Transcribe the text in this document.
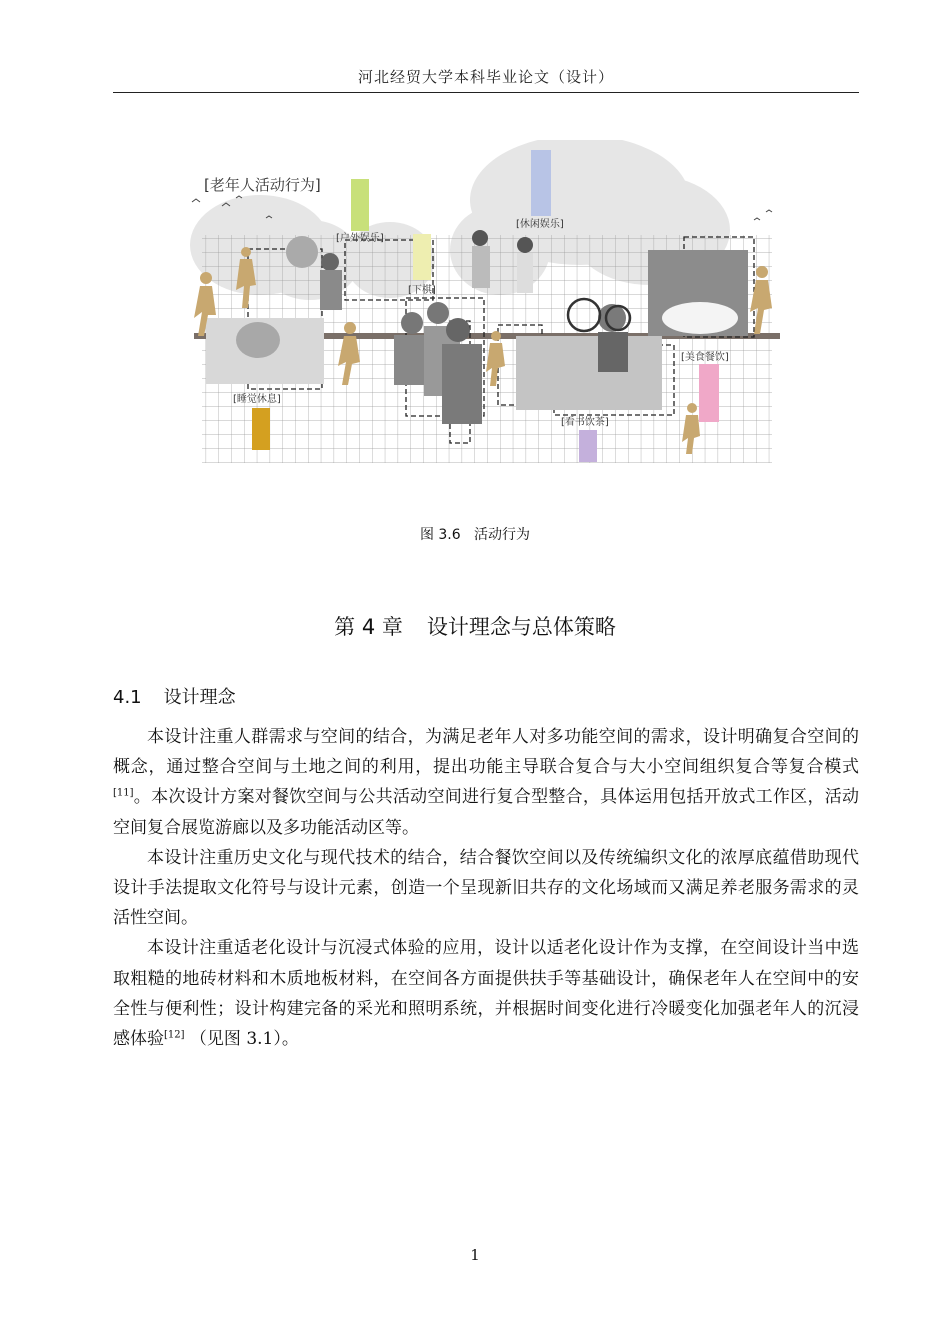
河北经贸大学本科毕业论文（设计）
[老年人活动行为]
[户外娱乐]
[下棋]
[休闲娱乐]
[美食餐饮]
[睡觉休息]
[看书饮茶]
图 3.6 活动行为
第 4 章 设计理念与总体策略
4.1 设计理念

本设计注重人群需求与空间的结合，为满足老年人对多功能空间的需求，设计明确复合空间的概念，通过整合空间与土地之间的利用，提出功能主导联合复合与大小空间组织复合等复合模式[11]。本次设计方案对餐饮空间与公共活动空间进行复合型整合，具体运用包括开放式工作区，活动空间复合展览游廊以及多功能活动区等。

本设计注重历史文化与现代技术的结合，结合餐饮空间以及传统编织文化的浓厚底蕴借助现代设计手法提取文化符号与设计元素，创造一个呈现新旧共存的文化场域而又满足养老服务需求的灵活性空间。

本设计注重适老化设计与沉浸式体验的应用，设计以适老化设计作为支撑，在空间设计当中选取粗糙的地砖材料和木质地板材料，在空间各方面提供扶手等基础设计，确保老年人在空间中的安全性与便利性；设计构建完备的采光和照明系统，并根据时间变化进行冷暖变化加强老年人的沉浸感体验[12] （见图 3.1）。

1
